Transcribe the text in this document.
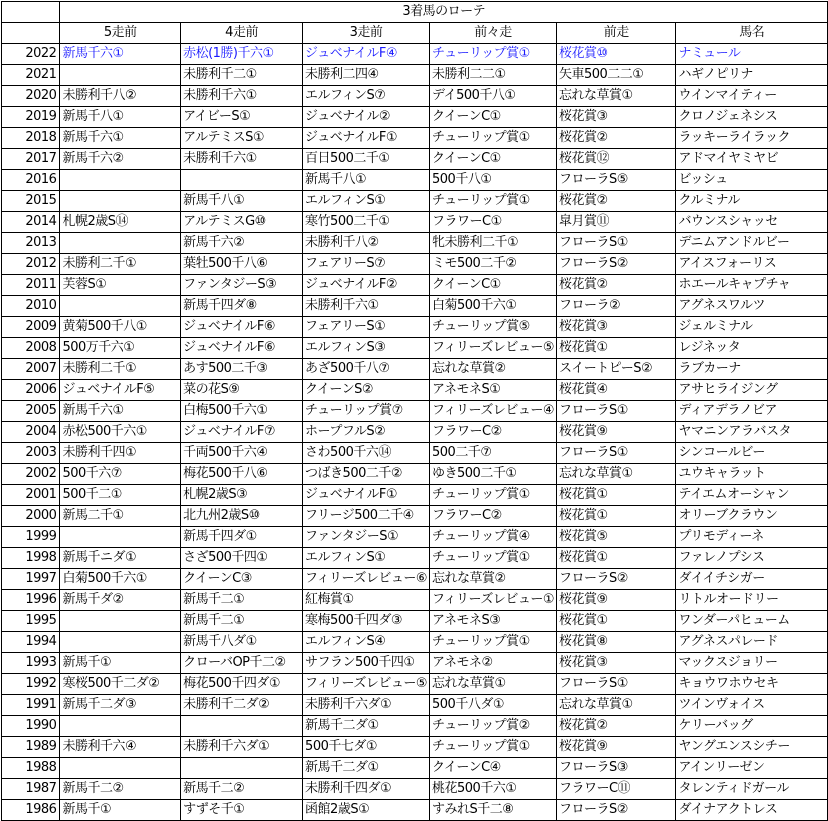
	3着馬のローテ					
	5走前	4走前	3走前	前々走	前走	馬名
2022	新馬千六①	赤松(1勝)千六①	ジュベナイルF④	チューリップ賞①	桜花賞⑩	ナミュール
2021		未勝利千二①	未勝利二四④	未勝利二二①	矢車500二二①	ハギノピリナ
2020	未勝利千八②	未勝利千六①	エルフィンS⑦	デイ500千八①	忘れな草賞①	ウインマイティー
2019	新馬千八①	アイビーS①	ジュベナイル②	クイーンC①	桜花賞③	クロノジェネシス
2018	新馬千六①	アルテミスS①	ジュベナイルF①	チューリップ賞①	桜花賞②	ラッキーライラック
2017	新馬千六②	未勝利千六①	百日500二千①	クイーンC①	桜花賞⑫	アドマイヤミヤビ
2016			新馬千八①	500千八①	フローラS⑤	ビッシュ
2015		新馬千八①	エルフィンS①	チューリップ賞①	桜花賞②	クルミナル
2014	札幌2歳S⑭	アルテミスG⑩	寒竹500二千①	フラワーC①	皐月賞⑪	バウンスシャッセ
2013		新馬千六②	未勝利千八②	牝未勝利二千①	フローラS①	デニムアンドルビー
2012	未勝利二千①	葉牡500千八⑥	フェアリーS⑦	ミモ500二千②	フローラS②	アイスフォーリス
2011	芙蓉S①	ファンタジーS③	ジュベナイルF②	クイーンC①	桜花賞②	ホエールキャプチャ
2010		新馬千四ダ⑧	未勝利千六①	白菊500千六①	フローラ②	アグネスワルツ
2009	黄菊500千八①	ジュベナイルF⑥	フェアリーS①	チューリップ賞⑤	桜花賞③	ジェルミナル
2008	500万千六①	ジュベナイルF⑥	エルフィンS③	フィリーズレビュー⑤	桜花賞①	レジネッタ
2007	未勝利二千①	あす500二千③	あざ500千八⑦	忘れな草賞②	スイートピーS②	ラブカーナ
2006	ジュベナイルF⑤	菜の花S⑨	クイーンS②	アネモネS①	桜花賞④	アサヒライジング
2005	新馬千六①	白梅500千六①	チューリップ賞⑦	フィリーズレビュー④	フローラS①	ディアデラノビア
2004	赤松500千六①	ジュベナイルF⑦	ホープフルS②	フラワーC②	桜花賞⑨	ヤマニンアラバスタ
2003	未勝利千四①	千両500千六④	さわ500千六⑭	500二千⑦	フローラS①	シンコールビー
2002	500千六⑦	梅花500千八⑥	つばき500二千②	ゆき500二千①	忘れな草賞①	ユウキャラット
2001	500千二①	札幌2歳S③	ジュベナイルF①	チューリップ賞①	桜花賞①	テイエムオーシャン
2000	新馬二千①	北九州2歳S⑩	フリージ500二千④	フラワーC②	桜花賞①	オリーブクラウン
1999		新馬千四ダ①	ファンタジーS①	チューリップ賞④	桜花賞⑤	プリモディーネ
1998	新馬千ニダ①	さざ500千四①	エルフィンS①	チューリップ賞①	桜花賞①	ファレノプシス
1997	白菊500千六①	クイーンC③	フィリーズレビュー⑥	忘れな草賞②	フローラS②	ダイイチシガー
1996	新馬千ダ②	新馬千二①	紅梅賞①	フィリーズレビュー①	桜花賞⑨	リトルオードリー
1995		新馬千二①	寒梅500千四ダ③	アネモネS③	桜花賞①	ワンダーパヒューム
1994		新馬千八ダ①	エルフィンS④	チューリップ賞①	桜花賞⑧	アグネスパレード
1993	新馬千①	クローバOP千二②	サフラン500千四①	アネモネ②	桜花賞③	マックスジョリー
1992	寒桜500千二ダ②	梅花500千四ダ①	フィリーズレビュー⑤	忘れな草賞①	フローラS①	キョウワホウセキ
1991	新馬千二ダ③	未勝利千二ダ②	未勝利千六ダ①	500千八ダ①	忘れな草賞①	ツインヴォイス
1990			新馬千二ダ①	チューリップ賞②	桜花賞②	ケリーバッグ
1989	未勝利千六④	未勝利千六ダ①	500千七ダ①	チューリップ賞①	桜花賞⑨	ヤングエンスシチー
1988			新馬千二ダ①	クイーンC④	フローラS③	アインリーゼン
1987	新馬千二②	新馬千二②	未勝利千四ダ①	桃花500千六①	フラワーC⑪	タレンティドガール
1986	新馬千①	すずそ千①	函館2歳S①	すみれS千二⑧	フローラS②	ダイナアクトレス
